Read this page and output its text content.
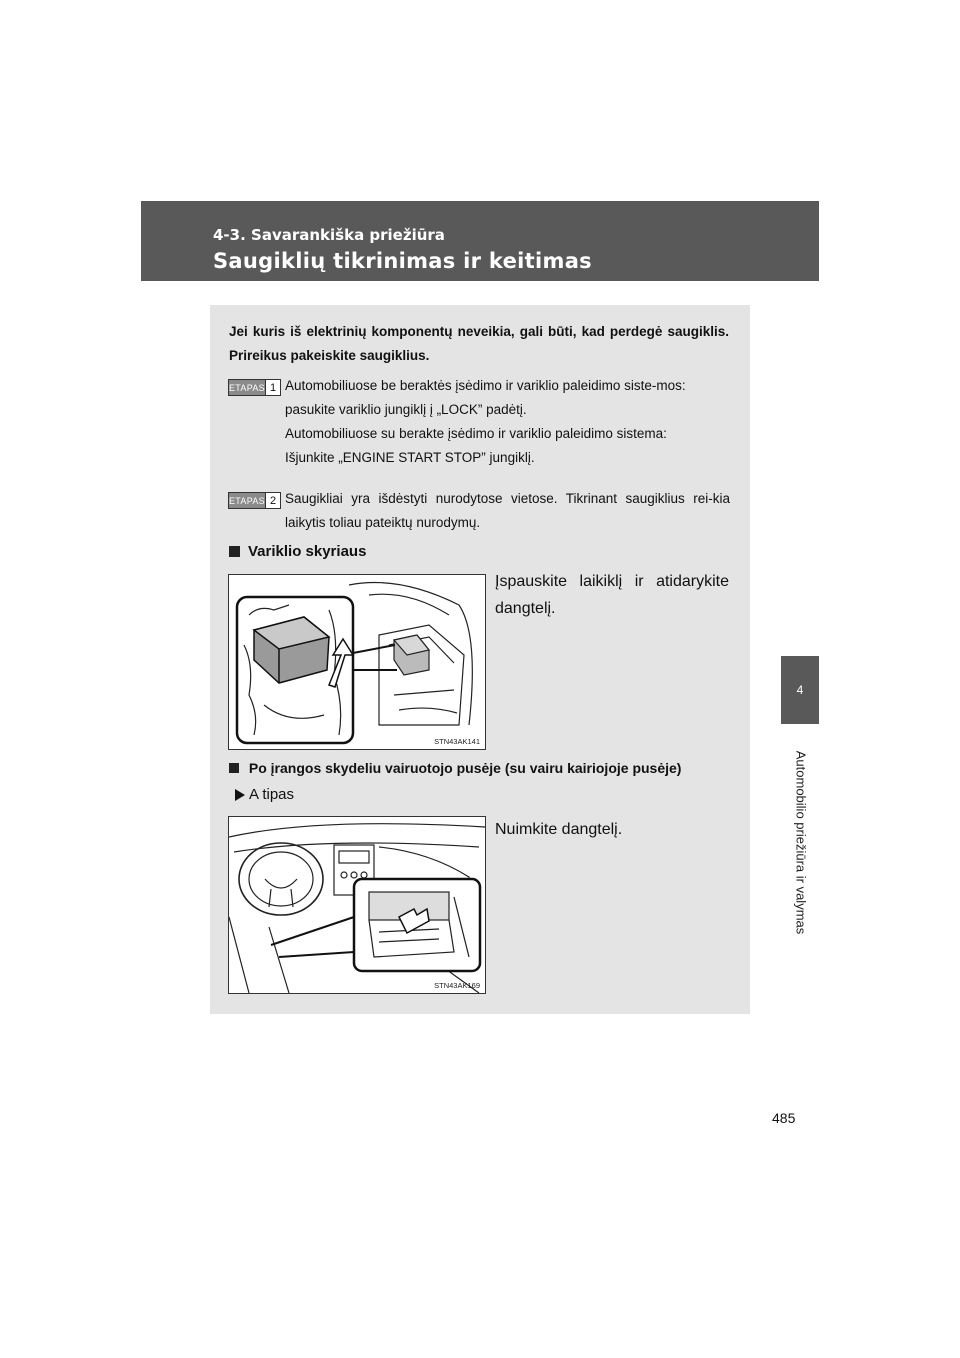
4-3. Savarankiška priežiūra
Saugiklių tikrinimas ir keitimas
4
Automobilio priežiūra ir valymas
485
Jei kuris iš elektrinių komponentų neveikia, gali būti, kad perdegė saugiklis. Prireikus pakeiskite saugiklius.
ETAPAS 1 Automobiliuose be beraktės įsėdimo ir variklio paleidimo siste-mos:

pasukite variklio jungiklį į „LOCK” padėtį.

Automobiliuose su berakte įsėdimo ir variklio paleidimo sistema:

Išjunkite „ENGINE START STOP” jungiklį.

ETAPAS 2 Saugikliai yra išdėstyti nurodytose vietose. Tikrinant saugiklius rei-kia laikytis toliau pateiktų nurodymų.

Variklio skyriaus
STN43AK141
Įspauskite laikiklį ir atidarykite dangtelį.
Po įrangos skydeliu vairuotojo pusėje (su vairu kairiojoje pusėje)
A tipas
STN43AK169
Nuimkite dangtelį.
